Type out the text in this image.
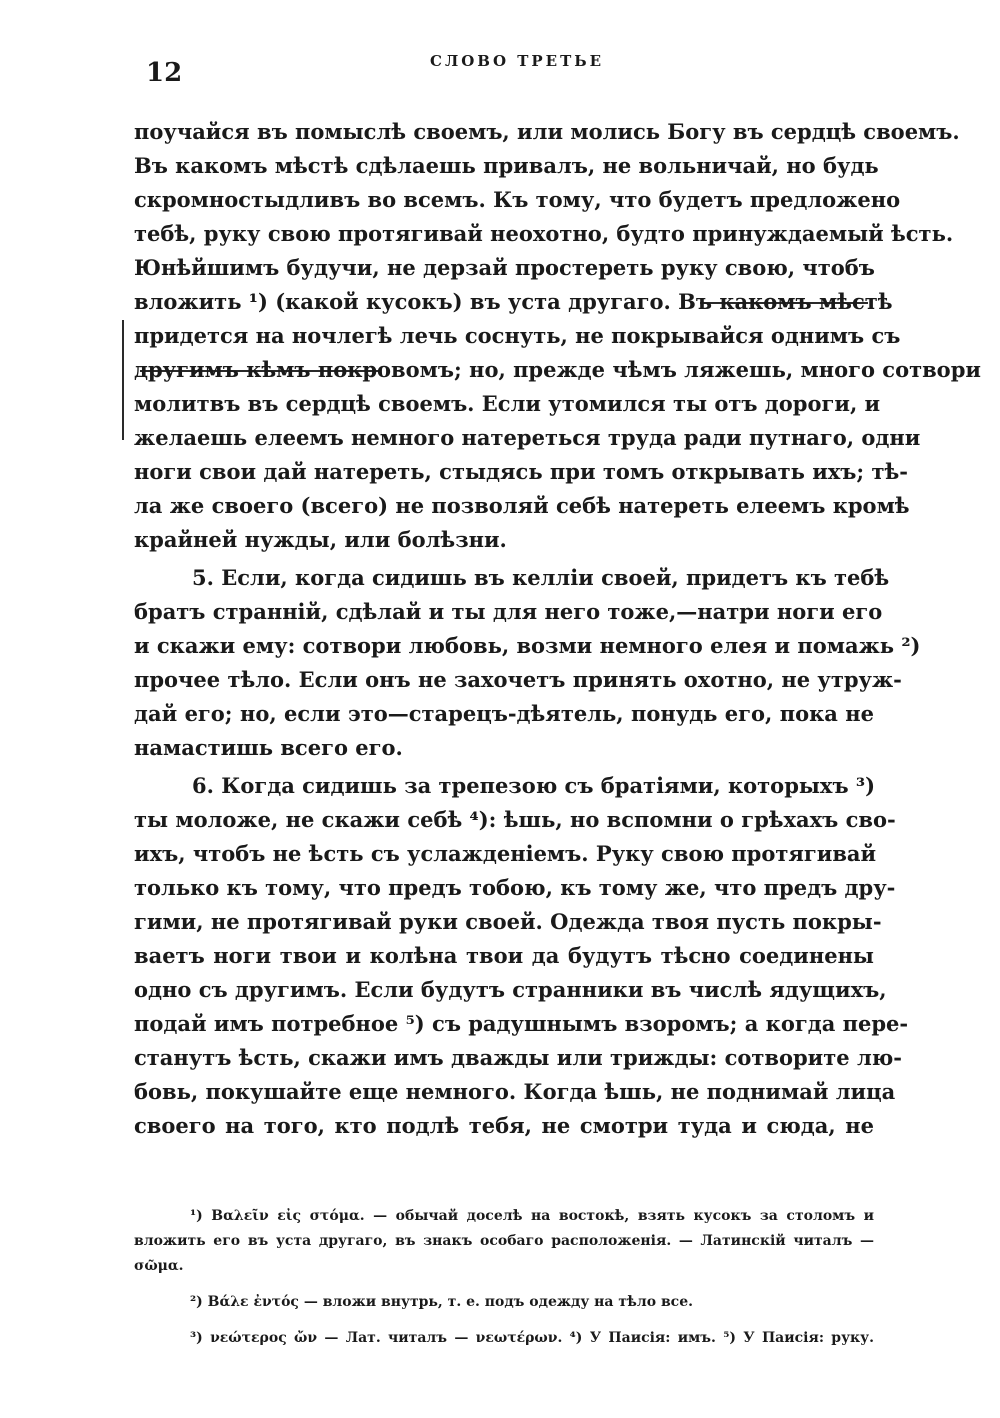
12	СЛОВО ТРЕТЬЕ
поучайся въ помыслѣ своемъ, или молись Богу въ сердцѣ своемъ.
Въ какомъ мѣстѣ сдѣлаешь привалъ, не вольничай, но будь
скромностыдливъ во всемъ. Къ тому, что будетъ предложено
тебѣ, руку свою протягивай неохотно, будто принуждаемый ѣсть.
Юнѣйшимъ будучи, не дерзай простереть руку свою, чтобъ
вложить ¹) (какой кусокъ) въ уста другаго. Въ какомъ мѣстѣ
придется на ночлегѣ лечь соснуть, не покрывайся однимъ съ
другимъ кѣмъ покровомъ; но, прежде чѣмъ ляжешь, много сотвори
молитвъ въ сердцѣ своемъ. Если утомился ты отъ дороги, и
желаешь елеемъ немного натереться труда ради путнаго, одни
ноги свои дай натереть, стыдясь при томъ открывать ихъ; тѣ-
ла же своего (всего) не позволяй себѣ натереть елеемъ кромѣ
крайней нужды, или болѣзни.
5. Если, когда сидишь въ келліи своей, придетъ къ тебѣ
братъ странній, сдѣлай и ты для него тоже,—натри ноги его
и скажи ему: сотвори любовь, возми немного елея и помажь ²)
прочее тѣло. Если онъ не захочетъ принять охотно, не утруж-
дай его; но, если это—старецъ-дѣятель, понудь его, пока не
намастишь всего его.
6. Когда сидишь за трепезою съ братіями, которыхъ ³)
ты моложе, не скажи себѣ ⁴): ѣшь, но вспомни о грѣхахъ сво-
ихъ, чтобъ не ѣсть съ услажденіемъ. Руку свою протягивай
только къ тому, что предъ тобою, къ тому же, что предъ дру-
гими, не протягивай руки своей. Одежда твоя пусть покры-
ваетъ ноги твои и колѣна твои да будутъ тѣсно соединены
одно съ другимъ. Если будутъ странники въ числѣ ядущихъ,
подай имъ потребное ⁵) съ радушнымъ взоромъ; а когда пере-
станутъ ѣсть, скажи имъ дважды или трижды: сотворите лю-
бовь, покушайте еще немного. Когда ѣшь, не поднимай лица
своего на того, кто подлѣ тебя, не смотри туда и сюда, не
¹) Βαλεῖν εἰς στόμα. — обычай доселѣ на востокѣ, взять кусокъ за столомъ и
вложить его въ уста другаго, въ знакъ особаго расположенія. — Латинскій читалъ —
σῶμα.
²) Βάλε ἐντός — вложи внутрь, т. е. подъ одежду на тѣло все.
³) νεώτερος ὤν — Лат. читалъ — νεωτέρων. ⁴) У Паисія: имъ. ⁵) У Паисія: руку.
